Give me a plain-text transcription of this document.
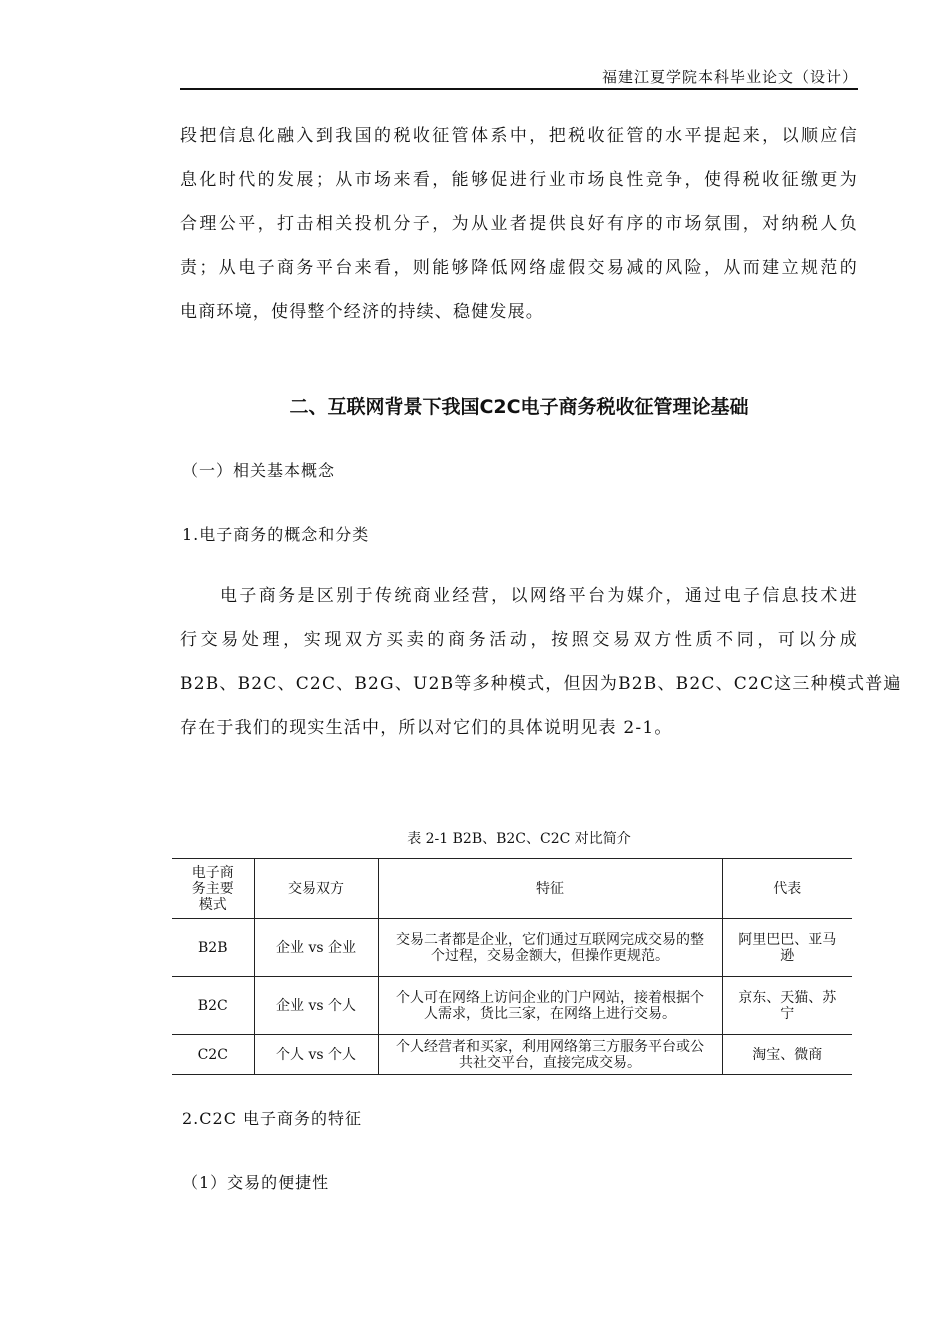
福建江夏学院本科毕业论文（设计）
段把信息化融入到我国的税收征管体系中，把税收征管的水平提起来，以顺应信
息化时代的发展；从市场来看，能够促进行业市场良性竞争，使得税收征缴更为
合理公平，打击相关投机分子，为从业者提供良好有序的市场氛围，对纳税人负
责；从电子商务平台来看，则能够降低网络虚假交易减的风险，从而建立规范的
电商环境，使得整个经济的持续、稳健发展。
二、互联网背景下我国C2C电子商务税收征管理论基础
（一）相关基本概念
1.电子商务的概念和分类
电子商务是区别于传统商业经营，以网络平台为媒介，通过电子信息技术进
行交易处理，实现双方买卖的商务活动，按照交易双方性质不同，可以分成
B2B、B2C、C2C、B2G、U2B等多种模式，但因为B2B、B2C、C2C这三种模式普遍
存在于我们的现实生活中，所以对它们的具体说明见表 2-1。
表 2-1 B2B、B2C、C2C 对比简介
电子商务主要模式	交易双方	特征	代表
B2B	企业 vs 企业	交易二者都是企业，它们通过互联网完成交易的整个过程，交易金额大，但操作更规范。	阿里巴巴、亚马逊
B2C	企业 vs 个人	个人可在网络上访问企业的门户网站，接着根据个人需求，货比三家，在网络上进行交易。	京东、天猫、苏宁
C2C	个人 vs 个人	个人经营者和买家，利用网络第三方服务平台或公共社交平台，直接完成交易。	淘宝、微商
2.C2C 电子商务的特征
（1）交易的便捷性
